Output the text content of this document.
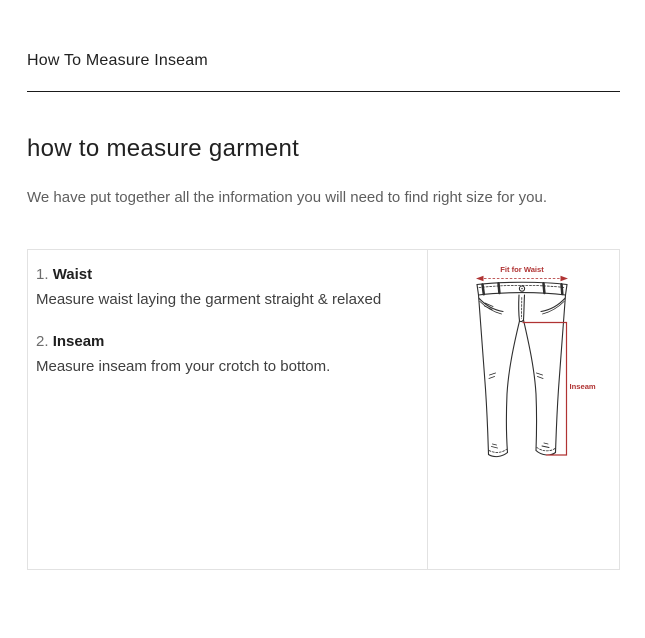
How To Measure Inseam
how to measure garment

We have put together all the information you will need to find right size for you.

1. Waist
Measure waist laying the garment straight & relaxed

2. Inseam
Measure inseam from your crotch to bottom.

Fit for Waist
Inseam
